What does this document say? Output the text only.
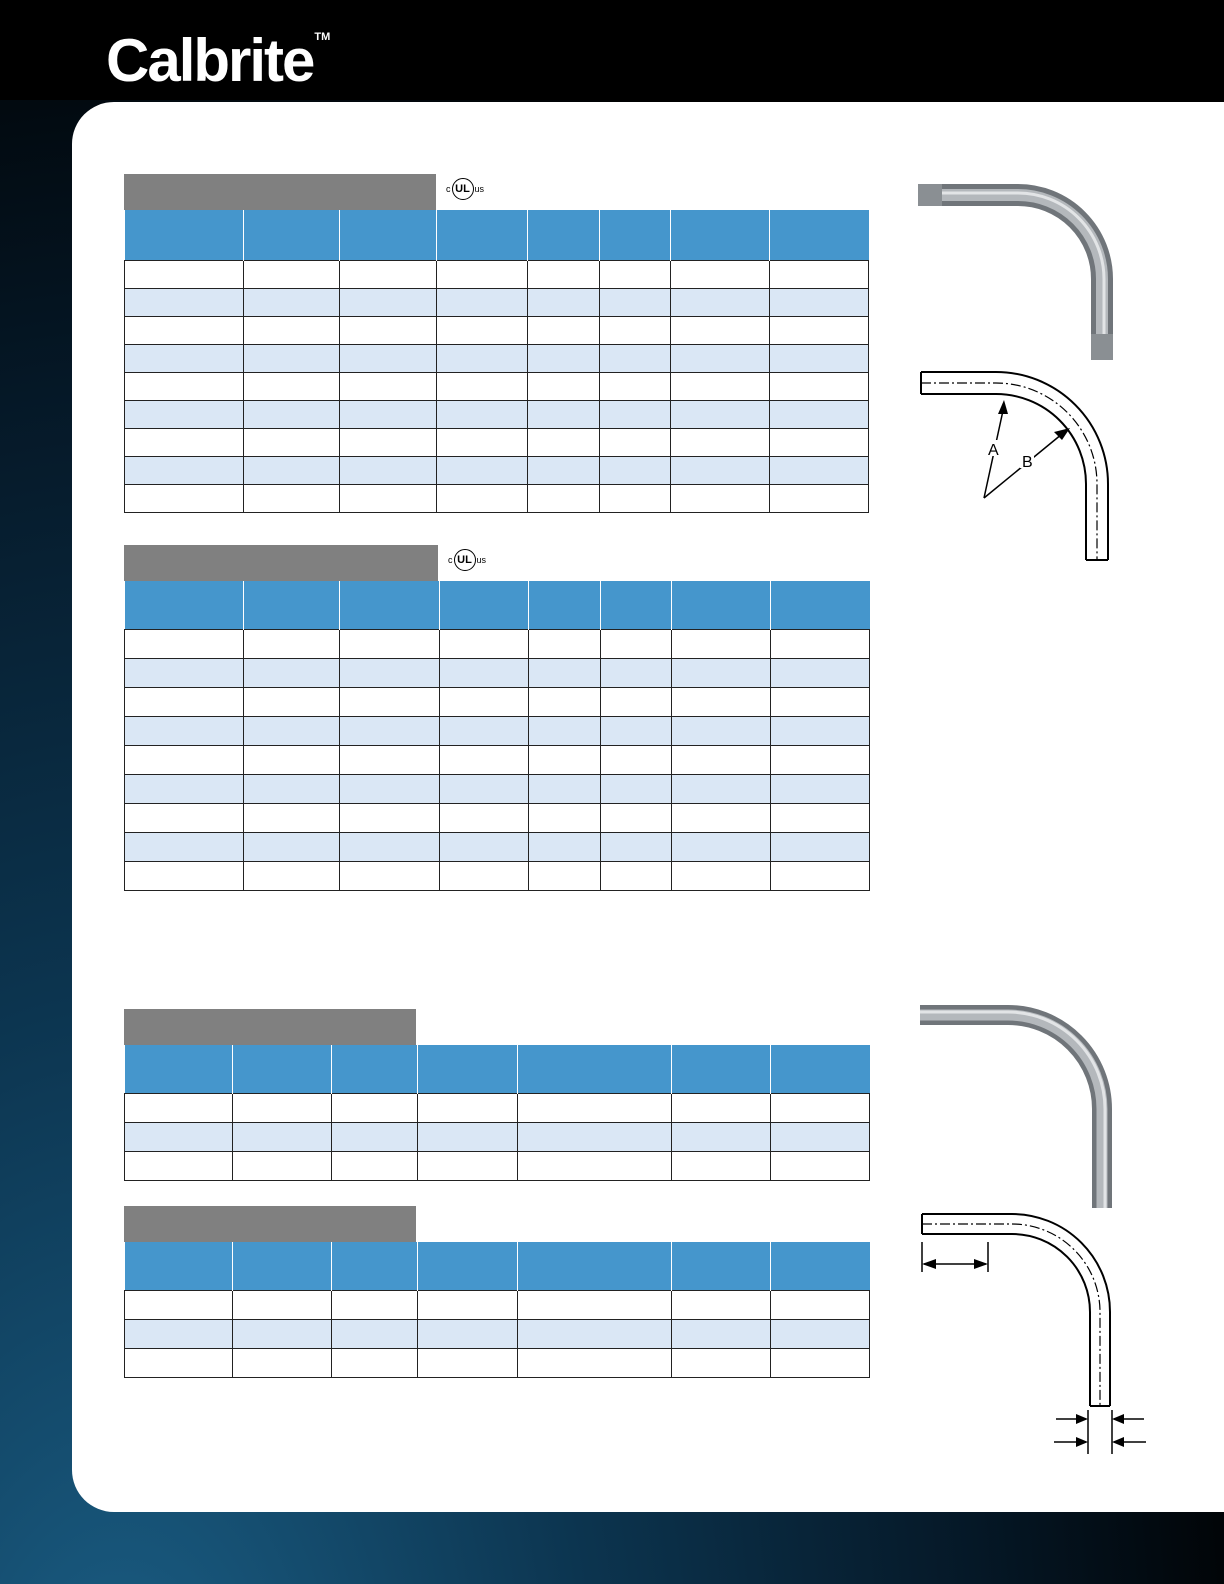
Calbrite™
c UL us

c UL us

A
B
